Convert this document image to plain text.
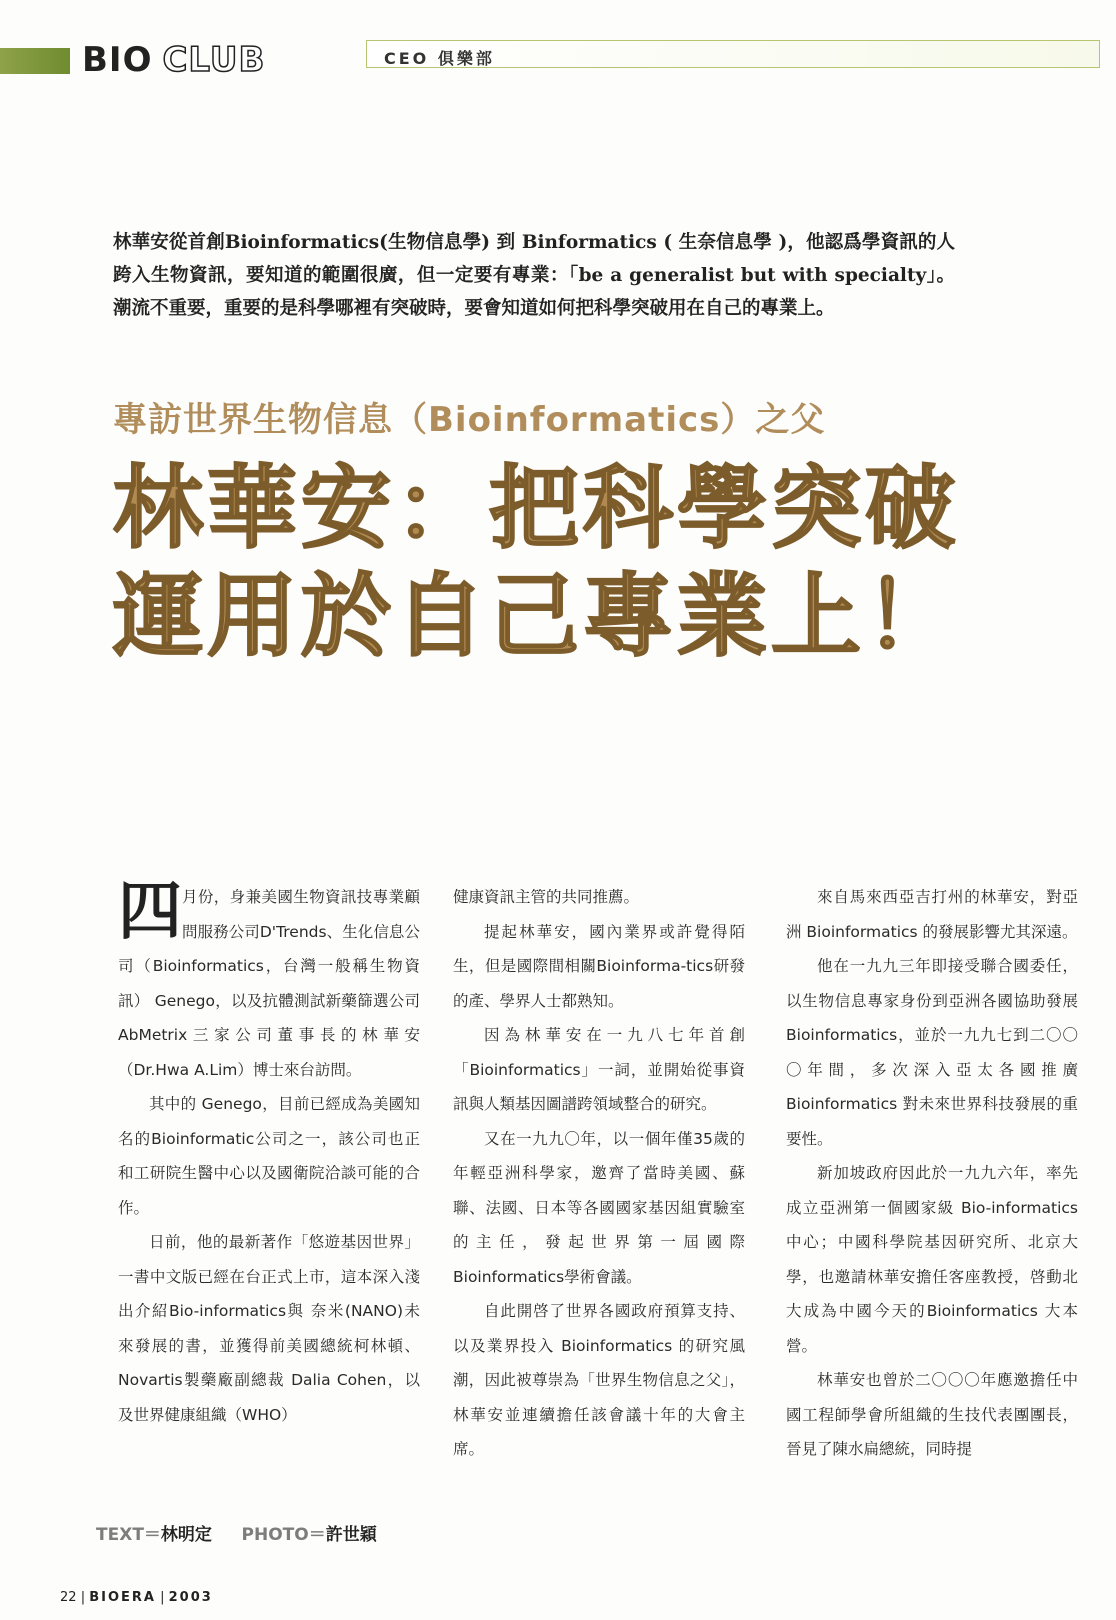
BIO CLUB	CEO 俱樂部
林華安從首創Bioinformatics(生物信息學) 到 Binformatics ( 生奈信息學 )，他認爲學資訊的人跨入生物資訊，要知道的範圍很廣，但一定要有專業：「be a generalist but with specialty」。潮流不重要，重要的是科學哪裡有突破時，要會知道如何把科學突破用在自己的專業上。
專訪世界生物信息（Bioinformatics）之父
林華安：把科學突破
運用於自己專業上！

四月份，身兼美國生物資訊技專業顧問服務公司D'Trends、生化信息公司（Bioinformatics，台灣一般稱生物資訊） Genego，以及抗體測試新藥篩選公司AbMetrix三家公司董事長的林華安（Dr.Hwa A.Lim）博士來台訪問。

其中的 Genego，目前已經成為美國知名的Bioinformatic公司之一，該公司也正和工研院生醫中心以及國衛院洽談可能的合作。

日前，他的最新著作「悠遊基因世界」一書中文版已經在台正式上市，這本深入淺出介紹Bio-informatics與 奈米(NANO)未來發展的書，並獲得前美國總統柯林頓、Novartis製藥廠副總裁 Dalia Cohen，以及世界健康組織（WHO）

健康資訊主管的共同推薦。

提起林華安，國內業界或許覺得陌生，但是國際間相關Bioinforma-tics研發的產、學界人士都熟知。

因為林華安在一九八七年首創「Bioinformatics」一詞，並開始從事資訊與人類基因圖譜跨領域整合的研究。

又在一九九〇年，以一個年僅35歲的年輕亞洲科學家，邀齊了當時美國、蘇聯、法國、日本等各國國家基因組實驗室的主任，發起世界第一屆國際Bioinformatics學術會議。

自此開啓了世界各國政府預算支持、以及業界投入 Bioinformatics 的研究風潮，因此被尊崇為「世界生物信息之父」，林華安並連續擔任該會議十年的大會主席。

來自馬來西亞吉打州的林華安，對亞洲 Bioinformatics 的發展影響尤其深遠。

他在一九九三年即接受聯合國委任，以生物信息專家身份到亞洲各國協助發展Bioinformatics，並於一九九七到二〇〇〇年間，多次深入亞太各國推廣 Bioinformatics 對未來世界科技發展的重要性。

新加坡政府因此於一九九六年，率先成立亞洲第一個國家級 Bio-informatics 中心；中國科學院基因研究所、北京大學，也邀請林華安擔任客座教授，啓動北大成為中國今天的Bioinformatics 大本營。

林華安也曾於二〇〇〇年應邀擔任中國工程師學會所組織的生技代表團團長，晉見了陳水扁總統，同時提

TEXT＝林明定 PHOTO＝許世穎
22 | BIOERA | 2003
